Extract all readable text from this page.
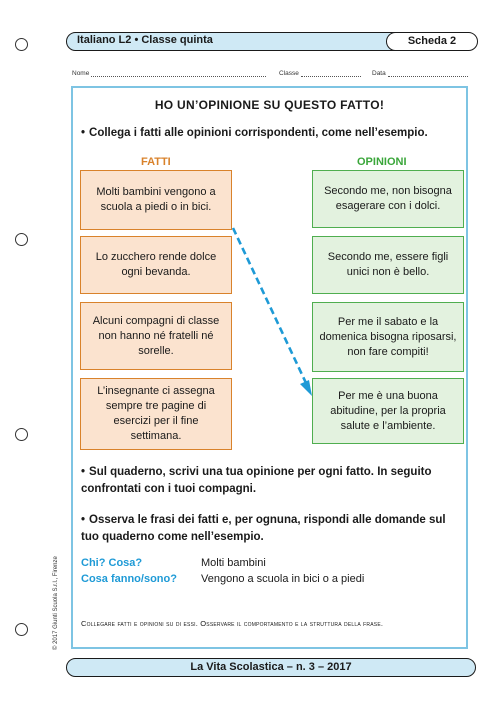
Italiano L2 • Classe quinta	Scheda 2
Nome	Classe	Data
HO UN’OPINIONE SU QUESTO FATTO!
• Collega i fatti alle opinioni corrispondenti, come nell’esempio.
FATTI	OPINIONI
Molti bambini vengono a scuola a piedi o in bici.
Lo zucchero rende dolce ogni bevanda.
Alcuni compagni di classe non hanno né fratelli né sorelle.
L’insegnante ci assegna sempre tre pagine di esercizi per il fine settimana.
Secondo me, non bisogna esagerare con i dolci.
Secondo me, essere figli unici non è bello.
Per me il sabato e la domenica bisogna riposarsi, non fare compiti!
Per me è una buona abitudine, per la propria salute e l’ambiente.
• Sul quaderno, scrivi una tua opinione per ogni fatto. In seguito confrontati con i tuoi compagni.
• Osserva le frasi dei fatti e, per ognuna, rispondi alle domande sul tuo quaderno come nell’esempio.
Chi? Cosa?	Molti bambini
Cosa fanno/sono? Vengono a scuola in bici o a piedi
Collegare fatti e opinioni su di essi. Osservare il comportamento e la struttura della frase.
© 2017 Giunti Scuola S.r.l., Firenze
La Vita Scolastica – n. 3 – 2017
